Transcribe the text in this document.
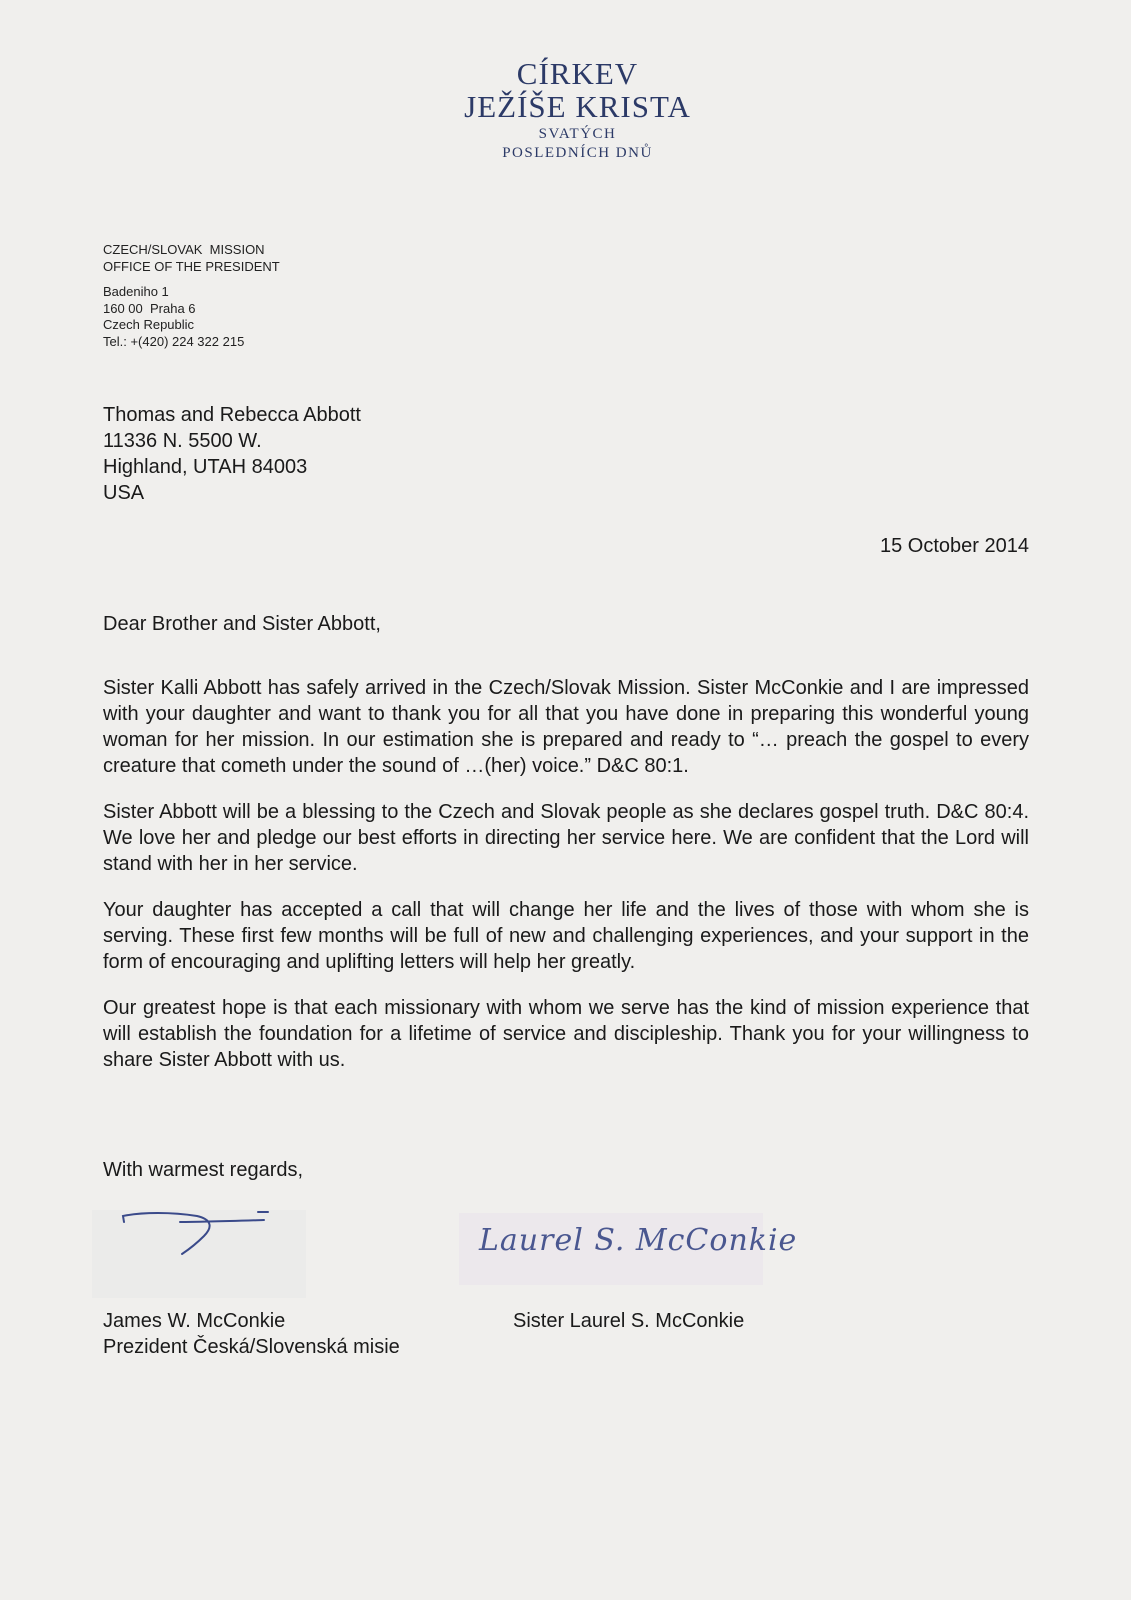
CÍRKEV
JEŽÍŠE KRISTA
SVATÝCH
POSLEDNÍCH DNŮ
CZECH/SLOVAK  MISSION
OFFICE OF THE PRESIDENT
Badeniho 1
160 00  Praha 6
Czech Republic
Tel.: +(420) 224 322 215
Thomas and Rebecca Abbott
11336 N. 5500 W.
Highland, UTAH 84003
USA
15 October 2014
Dear Brother and Sister Abbott,

Sister Kalli Abbott has safely arrived in the Czech/Slovak Mission. Sister McConkie and I are impressed with your daughter and want to thank you for all that you have done in preparing this wonderful young woman for her mission. In our estimation she is prepared and ready to “… preach the gospel to every creature that cometh under the sound of …(her) voice.” D&C 80:1.

Sister Abbott will be a blessing to the Czech and Slovak people as she declares gospel truth. D&C 80:4. We love her and pledge our best efforts in directing her service here. We are confident that the Lord will stand with her in her service.

Your daughter has accepted a call that will change her life and the lives of those with whom she is serving. These first few months will be full of new and challenging experiences, and your support in the form of encouraging and uplifting letters will help her greatly.

Our greatest hope is that each missionary with whom we serve has the kind of mission experience that will establish the foundation for a lifetime of service and discipleship. Thank you for your willingness to share Sister Abbott with us.

With warmest regards,
Laurel S. McConkie
James W. McConkie
Prezident Česká/Slovenská misie
Sister Laurel S. McConkie
